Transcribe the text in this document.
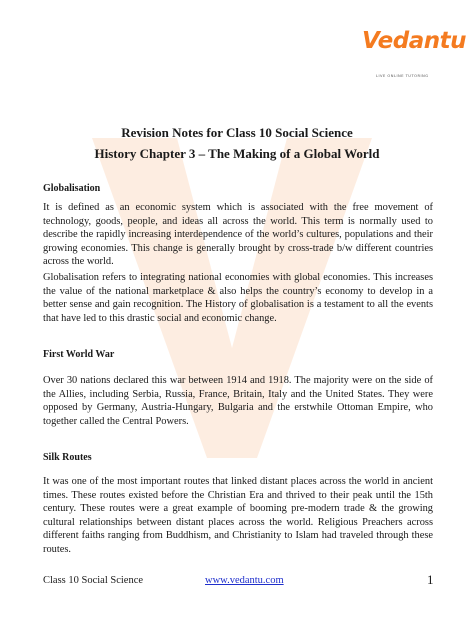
Vedantu
LIVE ONLINE TUTORING
Revision Notes for Class 10 Social Science
History Chapter 3 – The Making of a Global World
Globalisation

It is defined as an economic system which is associated with the free movement of technology, goods, people, and ideas all across the world. This term is normally used to describe the rapidly increasing interdependence of the world’s cultures, populations and their growing economies. This change is generally brought by cross-trade b/w different countries across the world.

Globalisation refers to integrating national economies with global economies. This increases the value of the national marketplace & also helps the country’s economy to develop in a better sense and gain recognition. The History of globalisation is a testament to all the events that have led to this drastic social and economic change.

First World War

Over 30 nations declared this war between 1914 and 1918. The majority were on the side of the Allies, including Serbia, Russia, France, Britain, Italy and the United States. They were opposed by Germany, Austria-Hungary, Bulgaria and the erstwhile Ottoman Empire, who together called the Central Powers.

Silk Routes

It was one of the most important routes that linked distant places across the world in ancient times. These routes existed before the Christian Era and thrived to their peak until the 15th century. These routes were a great example of booming pre-modern trade & the growing cultural relationships between distant places across the world. Religious Preachers across different faiths ranging from Buddhism, and Christianity to Islam had traveled through these routes.

Class 10 Social Science	www.vedantu.com	1
